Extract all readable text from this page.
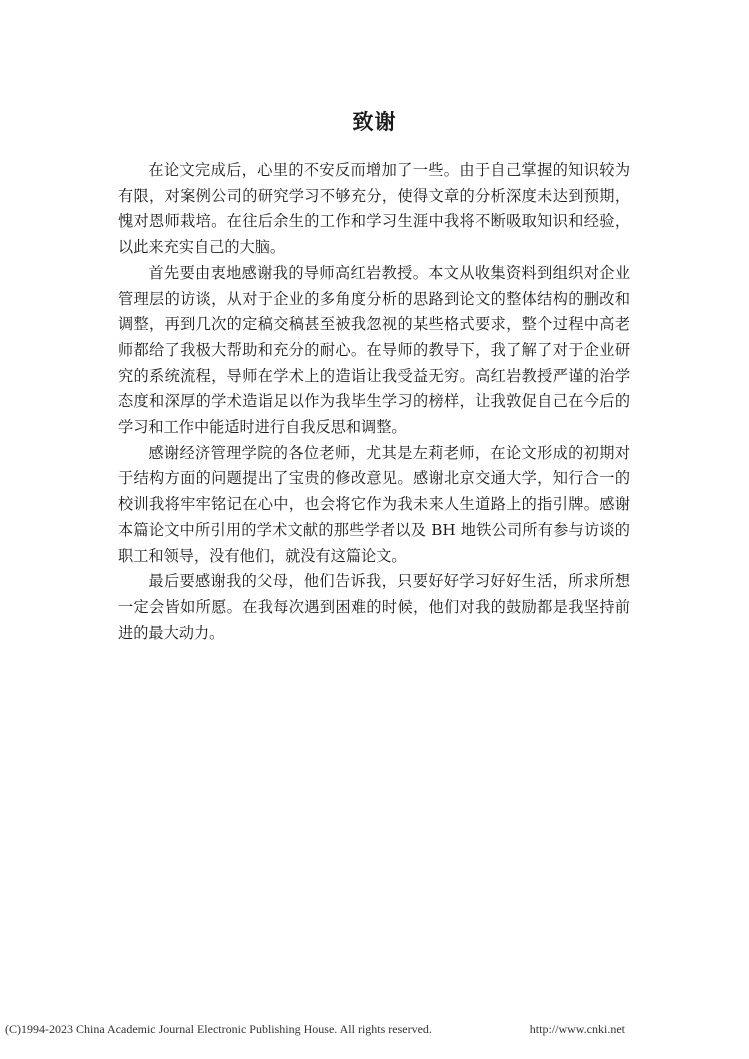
致谢

在论文完成后，心里的不安反而增加了一些。由于自己掌握的知识较为有限，对案例公司的研究学习不够充分，使得文章的分析深度未达到预期，愧对恩师栽培。在往后余生的工作和学习生涯中我将不断吸取知识和经验，以此来充实自己的大脑。

首先要由衷地感谢我的导师高红岩教授。本文从收集资料到组织对企业管理层的访谈，从对于企业的多角度分析的思路到论文的整体结构的删改和调整，再到几次的定稿交稿甚至被我忽视的某些格式要求，整个过程中高老师都给了我极大帮助和充分的耐心。在导师的教导下，我了解了对于企业研究的系统流程，导师在学术上的造诣让我受益无穷。高红岩教授严谨的治学态度和深厚的学术造诣足以作为我毕生学习的榜样，让我敦促自己在今后的学习和工作中能适时进行自我反思和调整。

感谢经济管理学院的各位老师，尤其是左莉老师，在论文形成的初期对于结构方面的问题提出了宝贵的修改意见。感谢北京交通大学，知行合一的校训我将牢牢铭记在心中，也会将它作为我未来人生道路上的指引牌。感谢本篇论文中所引用的学术文献的那些学者以及 BH 地铁公司所有参与访谈的职工和领导，没有他们，就没有这篇论文。

最后要感谢我的父母，他们告诉我，只要好好学习好好生活，所求所想一定会皆如所愿。在我每次遇到困难的时候，他们对我的鼓励都是我坚持前进的最大动力。

(C)1994-2023 China Academic Journal Electronic Publishing House. All rights reserved.	http://www.cnki.net
